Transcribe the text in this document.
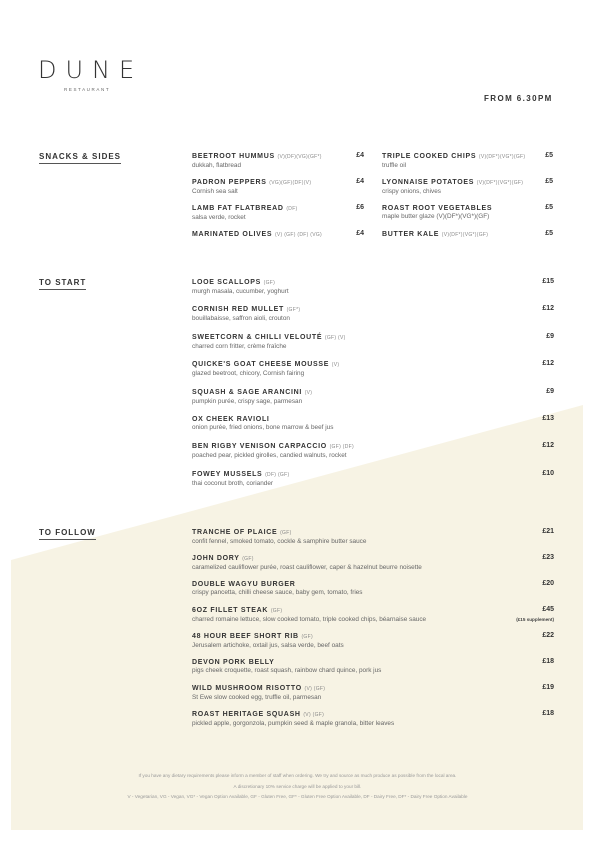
DUNE
RESTAURANT
FROM 6.30PM
SNACKS & SIDES	BEETROOT HUMMUS (V)(DF)(VG)(GF*)
dukkah, flatbread
£4
PADRON PEPPERS (VG)(GF)(DF)(V)
Cornish sea salt
£4
LAMB FAT FLATBREAD (DF)
salsa verde, rocket
£6
MARINATED OLIVES (V) (GF) (DF) (VG)	£4
TRIPLE COOKED CHIPS (V)(DF*)(VG*)(GF)
truffle oil
£5
LYONNAISE POTATOES (V)(DF*)(VG*)(GF)
crispy onions, chives
£5
ROAST ROOT VEGETABLES
maple butter glaze (V)(DF*)(VG*)(GF)
£5
BUTTER KALE (V)(DF*)(VG*)(GF)	£5
TO START	LOOE SCALLOPS (GF)
murgh masala, cucumber, yoghurt
£15
CORNISH RED MULLET (GF*)
bouillabaisse, saffron aioli, crouton
£12
SWEETCORN & CHILLI VELOUTÉ (GF) (V)
charred corn fritter, crème fraîche
£9
QUICKE'S GOAT CHEESE MOUSSE (V)
glazed beetroot, chicory, Cornish fairing
£12
SQUASH & SAGE ARANCINI (V)
pumpkin purée, crispy sage, parmesan
£9
OX CHEEK RAVIOLI
onion purée, fried onions, bone marrow & beef jus
£13
BEN RIGBY VENISON CARPACCIO (GF) (DF)
poached pear, pickled girolles, candied walnuts, rocket
£12
FOWEY MUSSELS (DF) (GF)
thai coconut broth, coriander
£10
TO FOLLOW	TRANCHE OF PLAICE (GF)
confit fennel, smoked tomato, cockle & samphire butter sauce
£21
JOHN DORY (GF)
caramelized cauliflower purée, roast cauliflower, caper & hazelnut beurre noisette
£23
DOUBLE WAGYU BURGER
crispy pancetta, chilli cheese sauce, baby gem, tomato, fries
£20
6OZ FILLET STEAK (GF)
charred romaine lettuce, slow cooked tomato, triple cooked chips, béarnaise sauce
£45
(£15 supplement)
48 HOUR BEEF SHORT RIB (GF)
Jerusalem artichoke, oxtail jus, salsa verde, beef oats
£22
DEVON PORK BELLY
pigs cheek croquette, roast squash, rainbow chard quince, pork jus
£18
WILD MUSHROOM RISOTTO (V) (GF)
St Ewe slow cooked egg, truffle oil, parmesan
£19
ROAST HERITAGE SQUASH (V) (GF)
pickled apple, gorgonzola, pumpkin seed & maple granola, bitter leaves
£18
If you have any dietary requirements please inform a member of staff when ordering. We try and source as much produce as possible from the local area.
A discretionary 10% service charge will be applied to your bill.
V - Vegetarian, VG - Vegan, VG* - Vegan Option Available, GF - Gluten Free, GF* - Gluten Free Option Available, DF - Dairy Free, DF* - Dairy Free Option Available
